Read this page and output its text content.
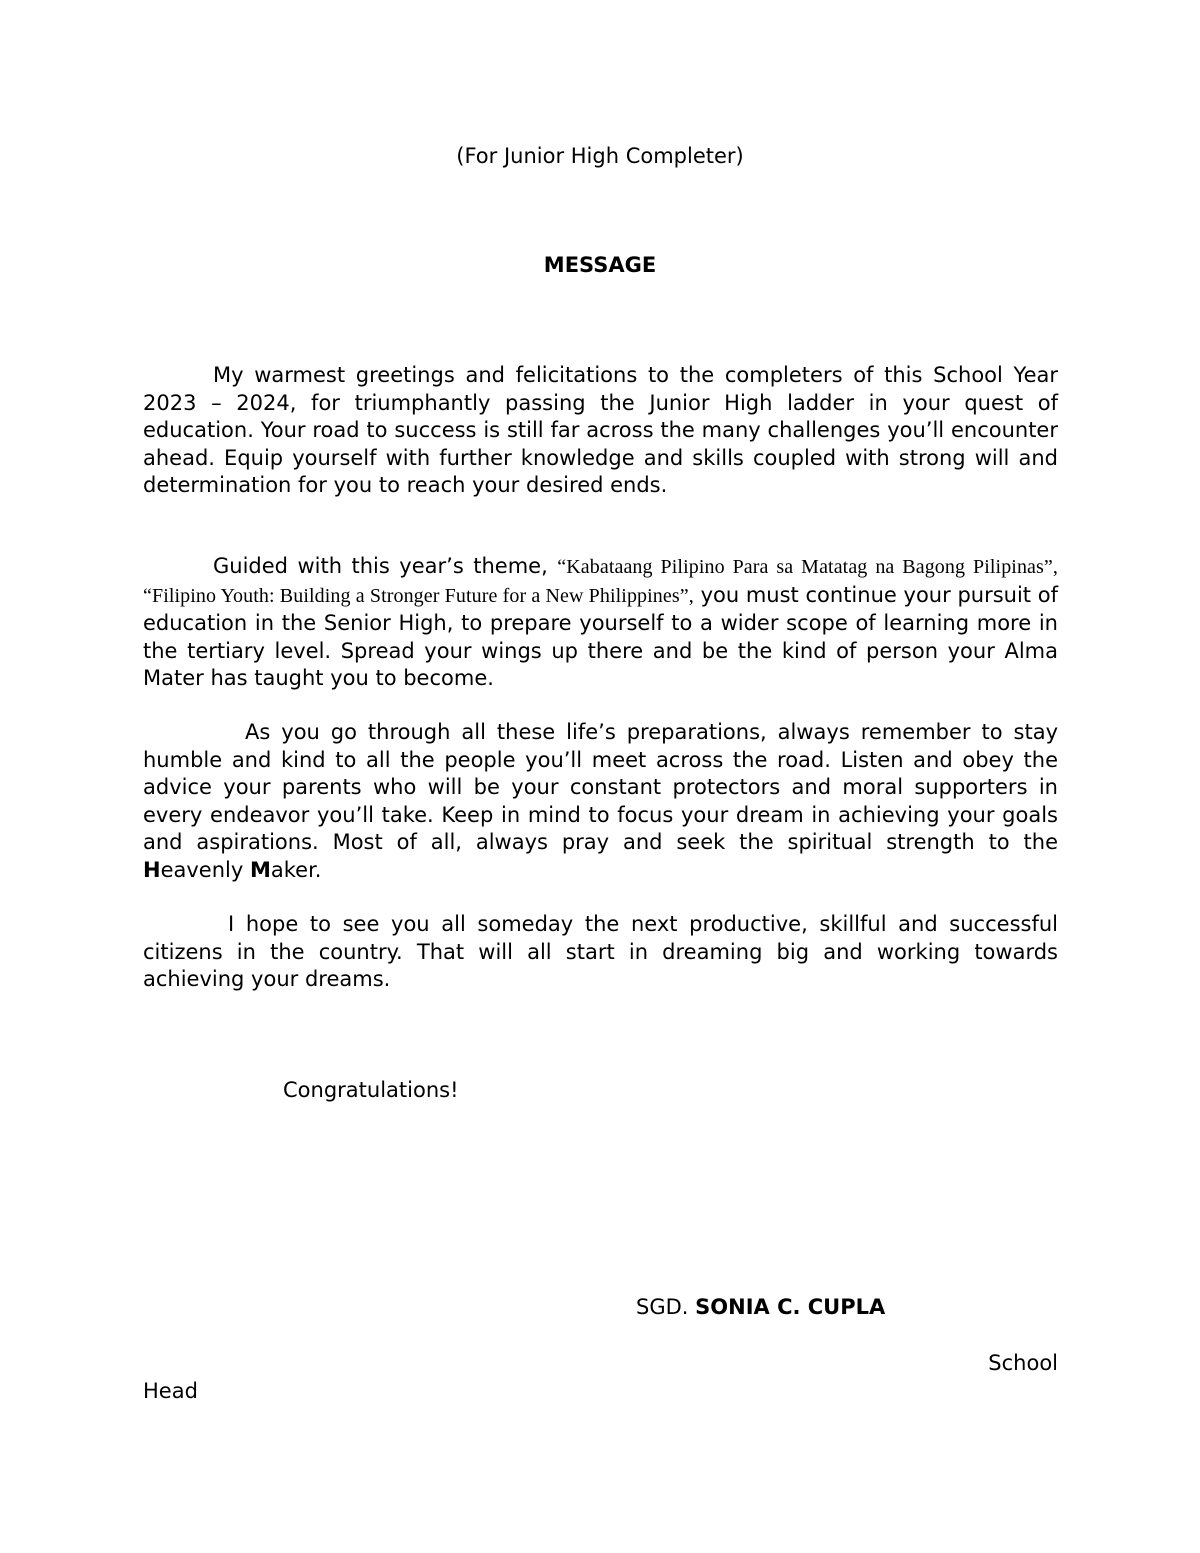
(For Junior High Completer)
MESSAGE

My warmest greetings and felicitations to the completers of this School Year 2023 – 2024, for triumphantly passing the Junior High ladder in your quest of education. Your road to success is still far across the many challenges you’ll encounter ahead. Equip yourself with further knowledge and skills coupled with strong will and determination for you to reach your desired ends.

Guided with this year’s theme, “Kabataang Pilipino Para sa Matatag na Bagong Pilipinas”, “Filipino Youth: Building a Stronger Future for a New Philippines”, you must continue your pursuit of education in the Senior High, to prepare yourself to a wider scope of learning more in the tertiary level. Spread your wings up there and be the kind of person your Alma Mater has taught you to become.

As you go through all these life’s preparations, always remember to stay humble and kind to all the people you’ll meet across the road. Listen and obey the advice your parents who will be your constant protectors and moral supporters in every endeavor you’ll take. Keep in mind to focus your dream in achieving your goals and aspirations. Most of all, always pray and seek the spiritual strength to the Heavenly Maker.

I hope to see you all someday the next productive, skillful and successful citizens in the country. That will all start in dreaming big and working towards achieving your dreams.

Congratulations!
SGD. SONIA C. CUPLA
School
Head
